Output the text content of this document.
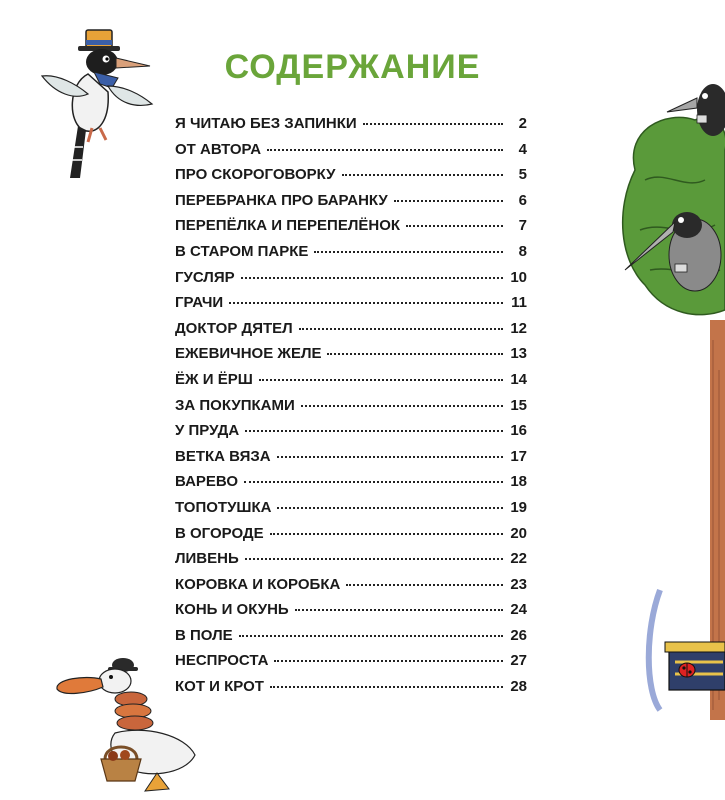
СОДЕРЖАНИЕ
Я ЧИТАЮ БЕЗ ЗАПИНКИ	2
ОТ АВТОРА	4
ПРО СКОРОГОВОРКУ	5
ПЕРЕБРАНКА ПРО БАРАНКУ	6
ПЕРЕПЁЛКА И ПЕРЕПЕЛЁНОК	7
В СТАРОМ ПАРКЕ	8
ГУСЛЯР	10
ГРАЧИ	11
ДОКТОР ДЯТЕЛ	12
ЕЖЕВИЧНОЕ ЖЕЛЕ	13
ЁЖ И ЁРШ	14
ЗА ПОКУПКАМИ	15
У ПРУДА	16
ВЕТКА ВЯЗА	17
ВАРЕВО	18
ТОПОТУШКА	19
В ОГОРОДЕ	20
ЛИВЕНЬ	22
КОРОВКА И КОРОБКА	23
КОНЬ И ОКУНЬ	24
В ПОЛЕ	26
НЕСПРОСТА	27
КОТ И КРОТ	28
